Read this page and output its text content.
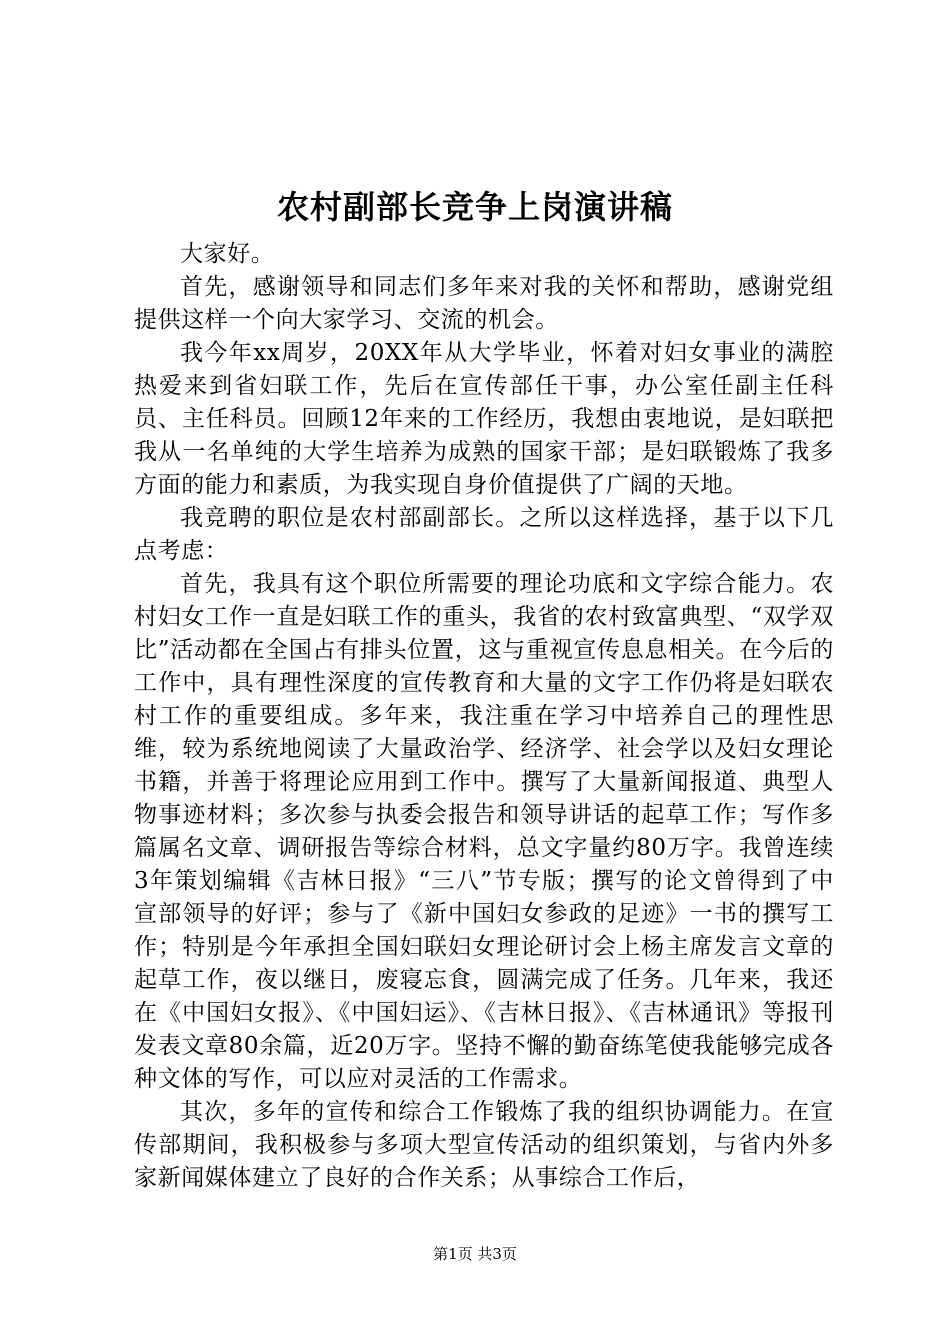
农村副部长竞争上岗演讲稿

大家好。

首先，感谢领导和同志们多年来对我的关怀和帮助，感谢党组提供这样一个向大家学习、交流的机会。

我今年xx周岁，20XX年从大学毕业，怀着对妇女事业的满腔热爱来到省妇联工作，先后在宣传部任干事，办公室任副主任科员、主任科员。回顾12年来的工作经历，我想由衷地说，是妇联把我从一名单纯的大学生培养为成熟的国家干部；是妇联锻炼了我多方面的能力和素质，为我实现自身价值提供了广阔的天地。

我竞聘的职位是农村部副部长。之所以这样选择，基于以下几点考虑：

首先，我具有这个职位所需要的理论功底和文字综合能力。农村妇女工作一直是妇联工作的重头，我省的农村致富典型、“双学双比”活动都在全国占有排头位置，这与重视宣传息息相关。在今后的工作中，具有理性深度的宣传教育和大量的文字工作仍将是妇联农村工作的重要组成。多年来，我注重在学习中培养自己的理性思维，较为系统地阅读了大量政治学、经济学、社会学以及妇女理论书籍，并善于将理论应用到工作中。撰写了大量新闻报道、典型人物事迹材料；多次参与执委会报告和领导讲话的起草工作；写作多篇属名文章、调研报告等综合材料，总文字量约80万字。我曾连续3年策划编辑《吉林日报》“三八”节专版；撰写的论文曾得到了中宣部领导的好评；参与了《新中国妇女参政的足迹》一书的撰写工作；特别是今年承担全国妇联妇女理论研讨会上杨主席发言文章的起草工作，夜以继日，废寝忘食，圆满完成了任务。几年来，我还在《中国妇女报》、《中国妇运》、《吉林日报》、《吉林通讯》等报刊发表文章80余篇，近20万字。坚持不懈的勤奋练笔使我能够完成各种文体的写作，可以应对灵活的工作需求。

其次，多年的宣传和综合工作锻炼了我的组织协调能力。在宣传部期间，我积极参与多项大型宣传活动的组织策划，与省内外多家新闻媒体建立了良好的合作关系；从事综合工作后，

第1页 共3页
